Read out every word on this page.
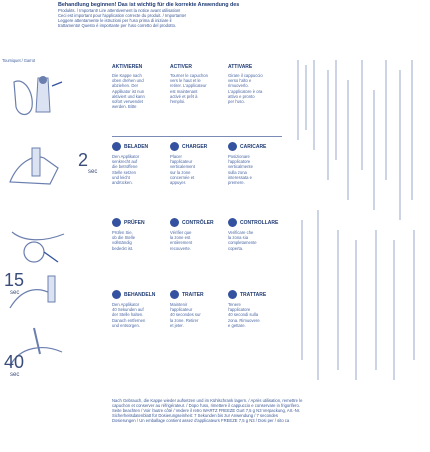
Behandlung beginnen! Das ist wichtig für die korrekte Anwendung des
Produkts. / Important! Lire attentivement la notice avant utilisation!
Ceci est important pour l'application correcte du produit. / Importante!
Leggere attentamente le istruzioni per l'uso prima di iniziare il
trattamento! Questo è importante per l'uso corretto del prodotto.
Tourniquet / Garrot
2
sec
15
sec
40
sec
AKTIVIEREN
Die Kappe nach
oben drehen und
abziehen. Der
Applikator ist nun
aktiviert und kann
sofort verwendet
werden. Bitte
ACTIVER
Tourner le capuchon
vers le haut et le
retirer. L'applicateur
est maintenant
activé et prêt à
l'emploi.
ATTIVARE
Girare il cappuccio
verso l'alto e
rimuoverlo.
L'applicatore è ora
attivo e pronto
per l'uso.
BELADEN
Den Applikator
senkrecht auf
die betroffene
Stelle setzen
und leicht
andrücken.
CHARGER
Placer
l'applicateur
verticalement
sur la zone
concernée et
appuyer.
CARICARE
Posizionare
l'applicatore
verticalmente
sulla zona
interessata e
premere.
PRÜFEN
Prüfen Sie,
ob die Stelle
vollständig
bedeckt ist.
CONTRÔLER
Vérifier que
la zone est
entièrement
recouverte.
CONTROLLARE
Verificare che
la zona sia
completamente
coperta.
BEHANDELN
Den Applikator
40 Sekunden auf
der Stelle halten.
Danach entfernen
und entsorgen.
TRAITER
Maintenir
l'applicateur
40 secondes sur
la zone. Retirer
et jeter.
TRATTARE
Tenere
l'applicatore
40 secondi sulla
zona. Rimuovere
e gettare.
Nach Gebrauch, die Kappe wieder aufsetzen und im Kühlschrank lagern. / Après utilisation, remettre le
capuchon et conserver au réfrigérateur. / Dopo l'uso, rimettere il cappuccio e conservare in frigorifero.
Seite beachten / Voir l'autre côté / Vedere il retro WARTZ FREEZE Gurt 7,5 g N3 Verpackung, Art.-Nr.
Sicherheitsdatenblatt für Dosierungseinheit: 7 Sekunden bis zur Anwendung / 7 secondes
Dosierungen / Un emballage contient assez d'applicateurs FREEZE 7,5 g N3 / Dosi per / sito ca
